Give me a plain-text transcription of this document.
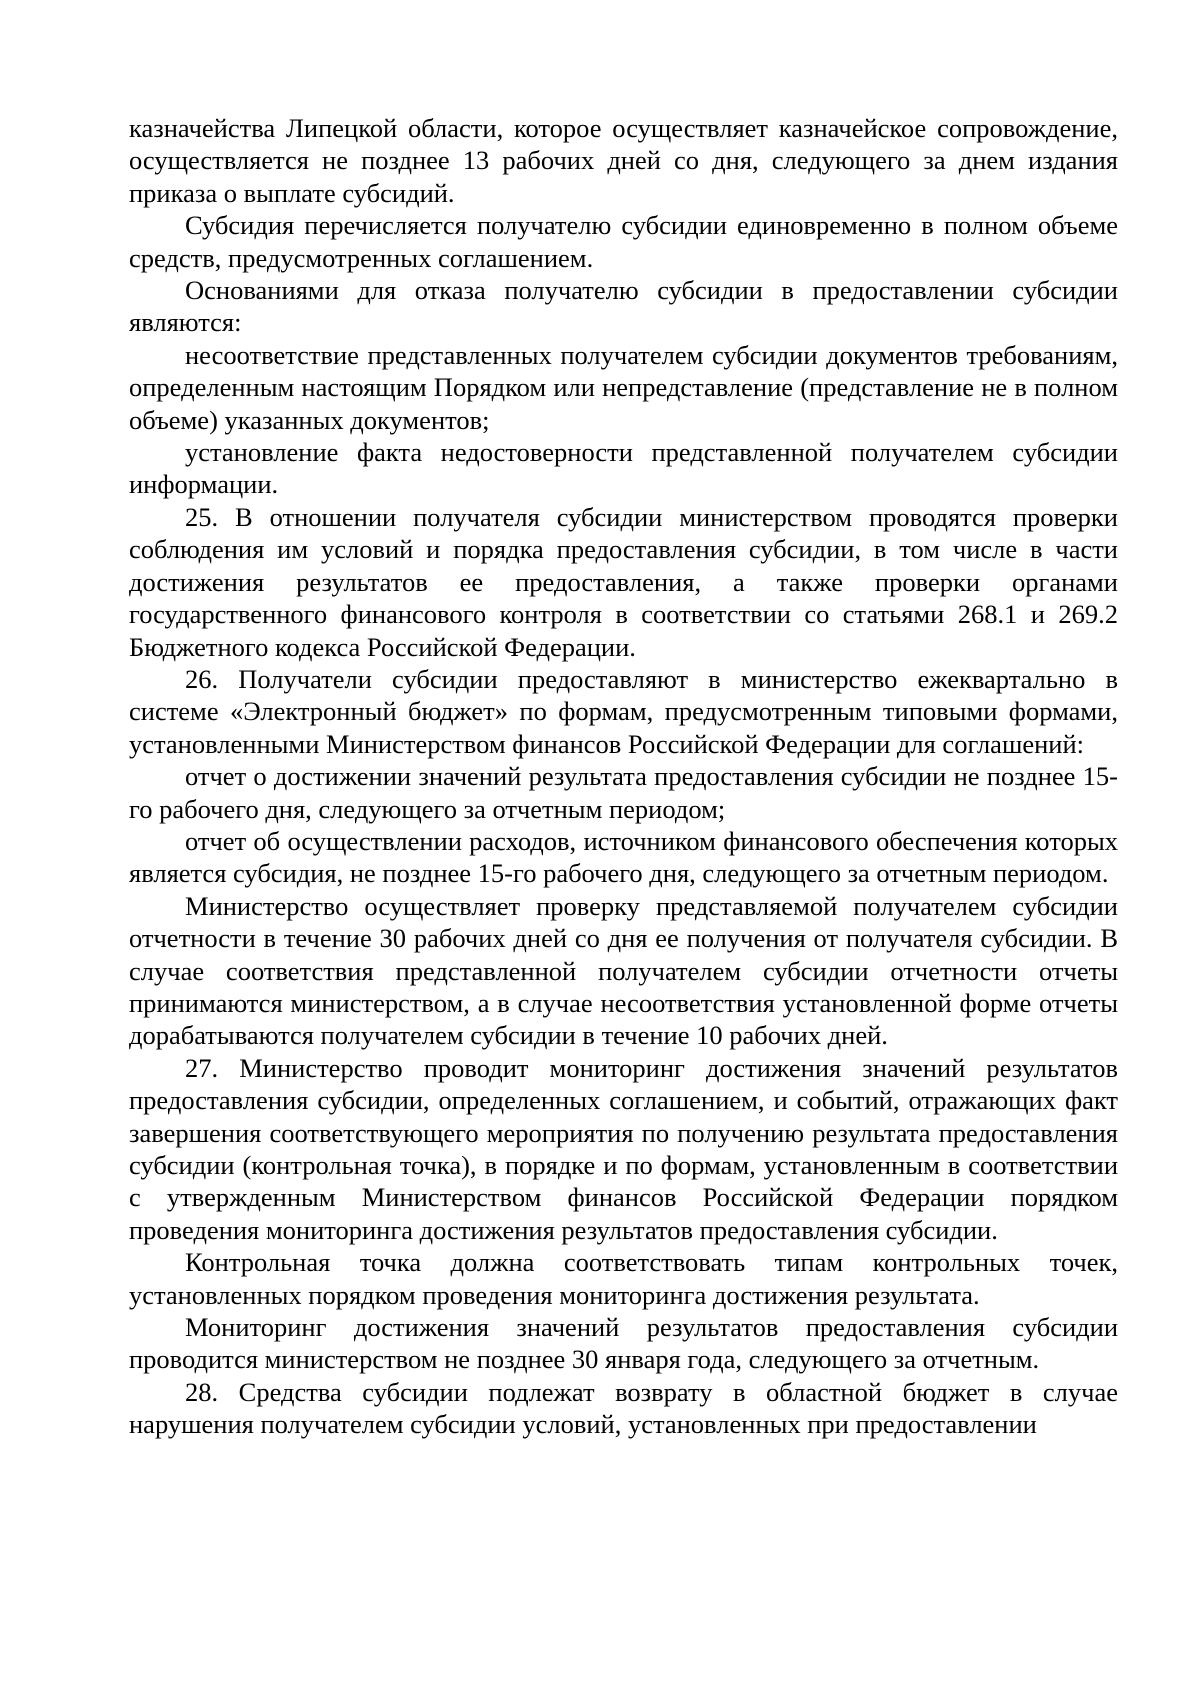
казначейства Липецкой области, которое осуществляет казначейское сопровождение, осуществляется не позднее 13 рабочих дней со дня, следующего за днем издания приказа о выплате субсидий.

Субсидия перечисляется получателю субсидии единовременно в полном объеме средств, предусмотренных соглашением.

Основаниями для отказа получателю субсидии в предоставлении субсидии являются:

несоответствие представленных получателем субсидии документов требованиям, определенным настоящим Порядком или непредставление (представление не в полном объеме) указанных документов;

установление факта недостоверности представленной получателем субсидии информации.

25. В отношении получателя субсидии министерством проводятся проверки соблюдения им условий и порядка предоставления субсидии, в том числе в части достижения результатов ее предоставления, а также проверки органами государственного финансового контроля в соответствии со статьями 268.1 и 269.2 Бюджетного кодекса Российской Федерации.

26. Получатели субсидии предоставляют в министерство ежеквартально в системе «Электронный бюджет» по формам, предусмотренным типовыми формами, установленными Министерством финансов Российской Федерации для соглашений:

отчет о достижении значений результата предоставления субсидии не позднее 15-го рабочего дня, следующего за отчетным периодом;

отчет об осуществлении расходов, источником финансового обеспечения которых является субсидия, не позднее 15-го рабочего дня, следующего за отчетным периодом.

Министерство осуществляет проверку представляемой получателем субсидии отчетности в течение 30 рабочих дней со дня ее получения от получателя субсидии. В случае соответствия представленной получателем субсидии отчетности отчеты принимаются министерством, а в случае несоответствия установленной форме отчеты дорабатываются получателем субсидии в течение 10 рабочих дней.

27. Министерство проводит мониторинг достижения значений результатов предоставления субсидии, определенных соглашением, и событий, отражающих факт завершения соответствующего мероприятия по получению результата предоставления субсидии (контрольная точка), в порядке и по формам, установленным в соответствии с утвержденным Министерством финансов Российской Федерации порядком проведения мониторинга достижения результатов предоставления субсидии.

Контрольная точка должна соответствовать типам контрольных точек, установленных порядком проведения мониторинга достижения результата.

Мониторинг достижения значений результатов предоставления субсидии проводится министерством не позднее 30 января года, следующего за отчетным.

28. Средства субсидии подлежат возврату в областной бюджет в случае нарушения получателем субсидии условий, установленных при предоставлении
